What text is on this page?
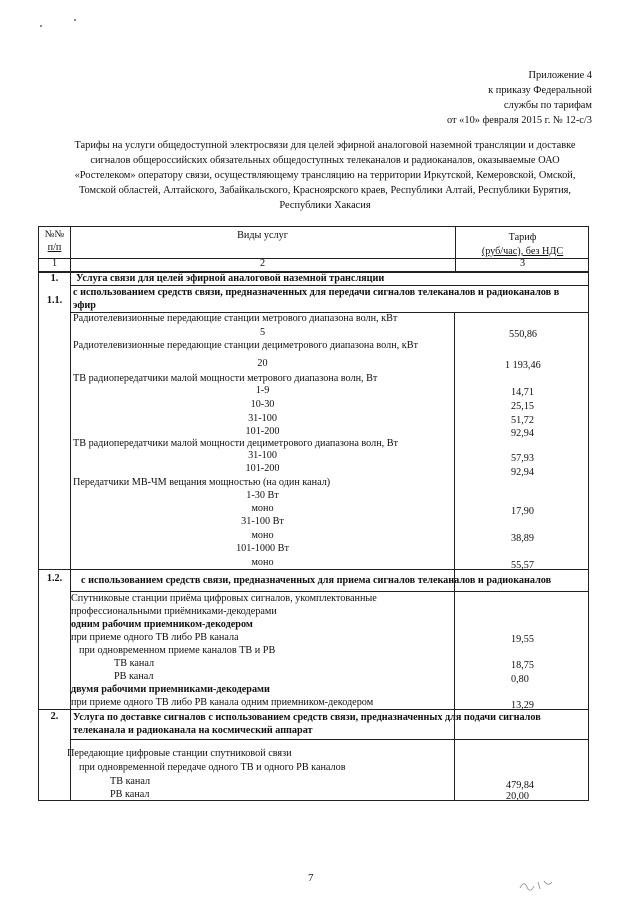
Приложение 4
к приказу Федеральной
службы по тарифам
от «10» февраля 2015 г. № 12-с/3
Тарифы на услуги общедоступной электросвязи для целей эфирной аналоговой наземной трансляции и доставке
сигналов общероссийских обязательных общедоступных телеканалов и радиоканалов, оказываемые ОАО
«Ростелеком» оператору связи, осуществляющему трансляцию на территории Иркутской, Кемеровской, Омской,
Томской областей, Алтайского, Забайкальского, Красноярского краев, Республики Алтай, Республики Бурятия,
Республики Хакасия
№№
п/п
Виды услуг	Тариф
(руб/час), без НДС
1	2	3
1.	Услуга связи для целей эфирной аналоговой наземной трансляции
1.1.
с использованием средств связи, предназначенных для передачи сигналов телеканалов и радиоканалов в
эфир
Радиотелевизионные передающие станции метрового диапазона волн, кВт
5	550,86
Радиотелевизионные передающие станции дециметрового диапазона волн, кВт
20	1 193,46
ТВ радиопередатчики малой мощности метрового диапазона волн, Вт
1-9	14,71
10-30	25,15
31-100	51,72
101-200	92,94
ТВ радиопередатчики малой мощности дециметрового диапазона волн, Вт
31-100	57,93
101-200	92,94
Передатчики МВ-ЧМ вещания мощностью (на один канал)
1-30 Вт
моно	17,90
31-100 Вт
моно	38,89
101-1000 Вт
моно	55,57
1.2.	с использованием средств связи, предназначенных для приема сигналов телеканалов и радиоканалов
Спутниковые станции приёма цифровых сигналов, укомплектованные
профессиональными приёмниками-декодерами
одним рабочим приемником-декодером
при приеме одного ТВ либо РВ канала	19,55
при одновременном приеме каналов ТВ и РВ
ТВ канал	18,75
РВ канал	0,80
двумя рабочими приемниками-декодерами
при приеме одного ТВ либо РВ канала одним приемником-декодером	13,29
2.	Услуга по доставке сигналов с использованием средств связи, предназначенных для подачи сигналов
телеканала и радиоканала на космический аппарат
Передающие цифровые станции спутниковой связи
при одновременной передаче одного ТВ и одного РВ каналов
ТВ канал	479,84
РВ канал	20,00
7
